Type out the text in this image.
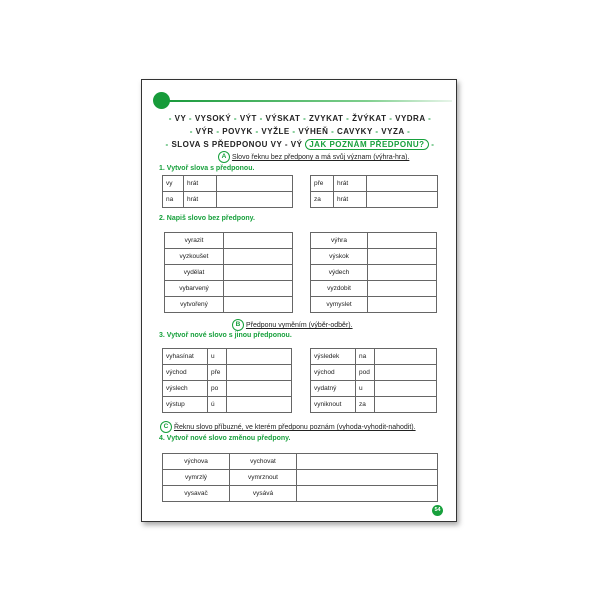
- VY - VYSOKÝ - VÝT - VÝSKAT - ZVYKAT - ŽVÝKAT - VYDRA -
- VÝR - POVYK - VYŽLE - VÝHEŇ - CAVYKY - VYZA -
- SLOVA S PŘEDPONOU VY - VÝ JAK POZNÁM PŘEDPONU? -
A Slovo řeknu bez předpony a má svůj význam (výhra-hra).
1. Vytvoř slova s předponou.
vy	hrát	
na	hrát	
pře	hrát	
za	hrát	
2. Napiš slovo bez předpony.
vyrazit	
vyzkoušet	
vydělat	
vybarvený	
vytvořený	
výhra	
výskok	
výdech	
vyzdobit	
vymyslet	
B Předponu vyměním (výběr-odběr).
3. Vytvoř nové slovo s jinou předponou.
vyhasínat	u	
východ	pře	
výslech	po	
výstup	ú	
výsledek	na	
východ	pod	
vydatný	u	
vyniknout	za	
C Řeknu slovo příbuzné, ve kterém předponu poznám (vyhoda-vyhodit-nahodit).
4. Vytvoř nové slovo změnou předpony.
výchova	vychovat	
vymrzlý	vymrznout	
vysavač	vysává	
54
